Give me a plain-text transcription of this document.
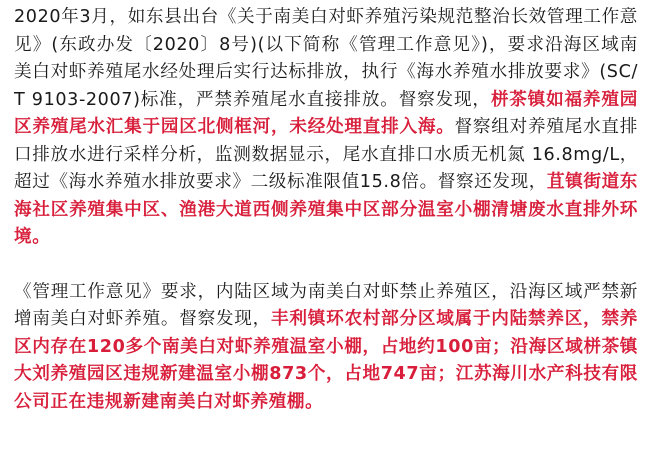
2020年3月，如东县出台《关于南美白对虾养殖污染规范整治长效管理工作意见》(东政办发〔2020〕8号)(以下简称《管理工作意见》)，要求沿海区域南美白对虾养殖尾水经处理后实行达标排放，执行《海水养殖水排放要求》(SC/T 9103-2007)标准，严禁养殖尾水直接排放。督察发现，栟茶镇如福养殖园区养殖尾水汇集于园区北侧框河，未经处理直排入海。督察组对养殖尾水直排口排放水进行采样分析，监测数据显示，尾水直排口水质无机氮 16.8mg/L，超过《海水养殖水排放要求》二级标准限值15.8倍。督察还发现，苴镇街道东海社区养殖集中区、渔港大道西侧养殖集中区部分温室小棚清塘废水直排外环境。

《管理工作意见》要求，内陆区域为南美白对虾禁止养殖区，沿海区域严禁新增南美白对虾养殖。督察发现，丰利镇环农村部分区域属于内陆禁养区，禁养区内存在120多个南美白对虾养殖温室小棚，占地约100亩；沿海区域栟茶镇大刘养殖园区违规新建温室小棚873个，占地747亩；江苏海川水产科技有限公司正在违规新建南美白对虾养殖棚。
